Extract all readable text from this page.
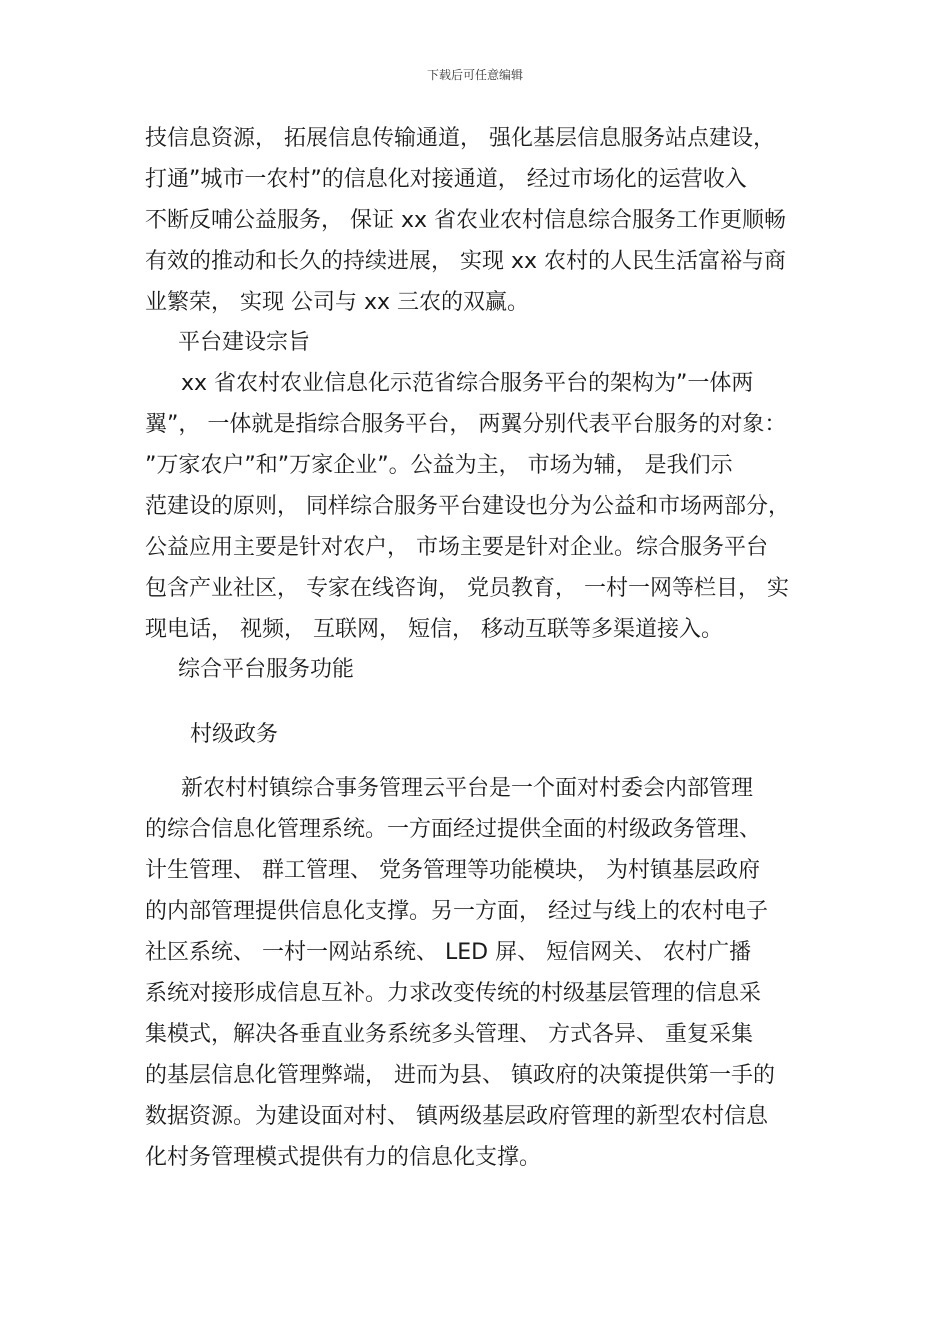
下载后可任意编辑
技信息资源， 拓展信息传输通道， 强化基层信息服务站点建设，
打通”城市一农村”的信息化对接通道， 经过市场化的运营收入
不断反哺公益服务， 保证 xx 省农业农村信息综合服务工作更顺畅
有效的推动和长久的持续进展， 实现 xx 农村的人民生活富裕与商
业繁荣， 实现 公司与 xx 三农的双赢。
平台建设宗旨
xx 省农村农业信息化示范省综合服务平台的架构为”一体两
翼”， 一体就是指综合服务平台， 两翼分别代表平台服务的对象：
”万家农户”和”万家企业”。公益为主， 市场为辅， 是我们示
范建设的原则， 同样综合服务平台建设也分为公益和市场两部分，
公益应用主要是针对农户， 市场主要是针对企业。综合服务平台
包含产业社区， 专家在线咨询， 党员教育， 一村一网等栏目， 实
现电话， 视频， 互联网， 短信， 移动互联等多渠道接入。
综合平台服务功能
村级政务
新农村村镇综合事务管理云平台是一个面对村委会内部管理
的综合信息化管理系统。一方面经过提供全面的村级政务管理、
计生管理、 群工管理、 党务管理等功能模块， 为村镇基层政府
的内部管理提供信息化支撑。另一方面， 经过与线上的农村电子
社区系统、 一村一网站系统、 LED 屏、 短信网关、 农村广播
系统对接形成信息互补。力求改变传统的村级基层管理的信息采
集模式，解决各垂直业务系统多头管理、 方式各异、 重复采集
的基层信息化管理弊端， 进而为县、 镇政府的决策提供第一手的
数据资源。为建设面对村、 镇两级基层政府管理的新型农村信息
化村务管理模式提供有力的信息化支撑。
